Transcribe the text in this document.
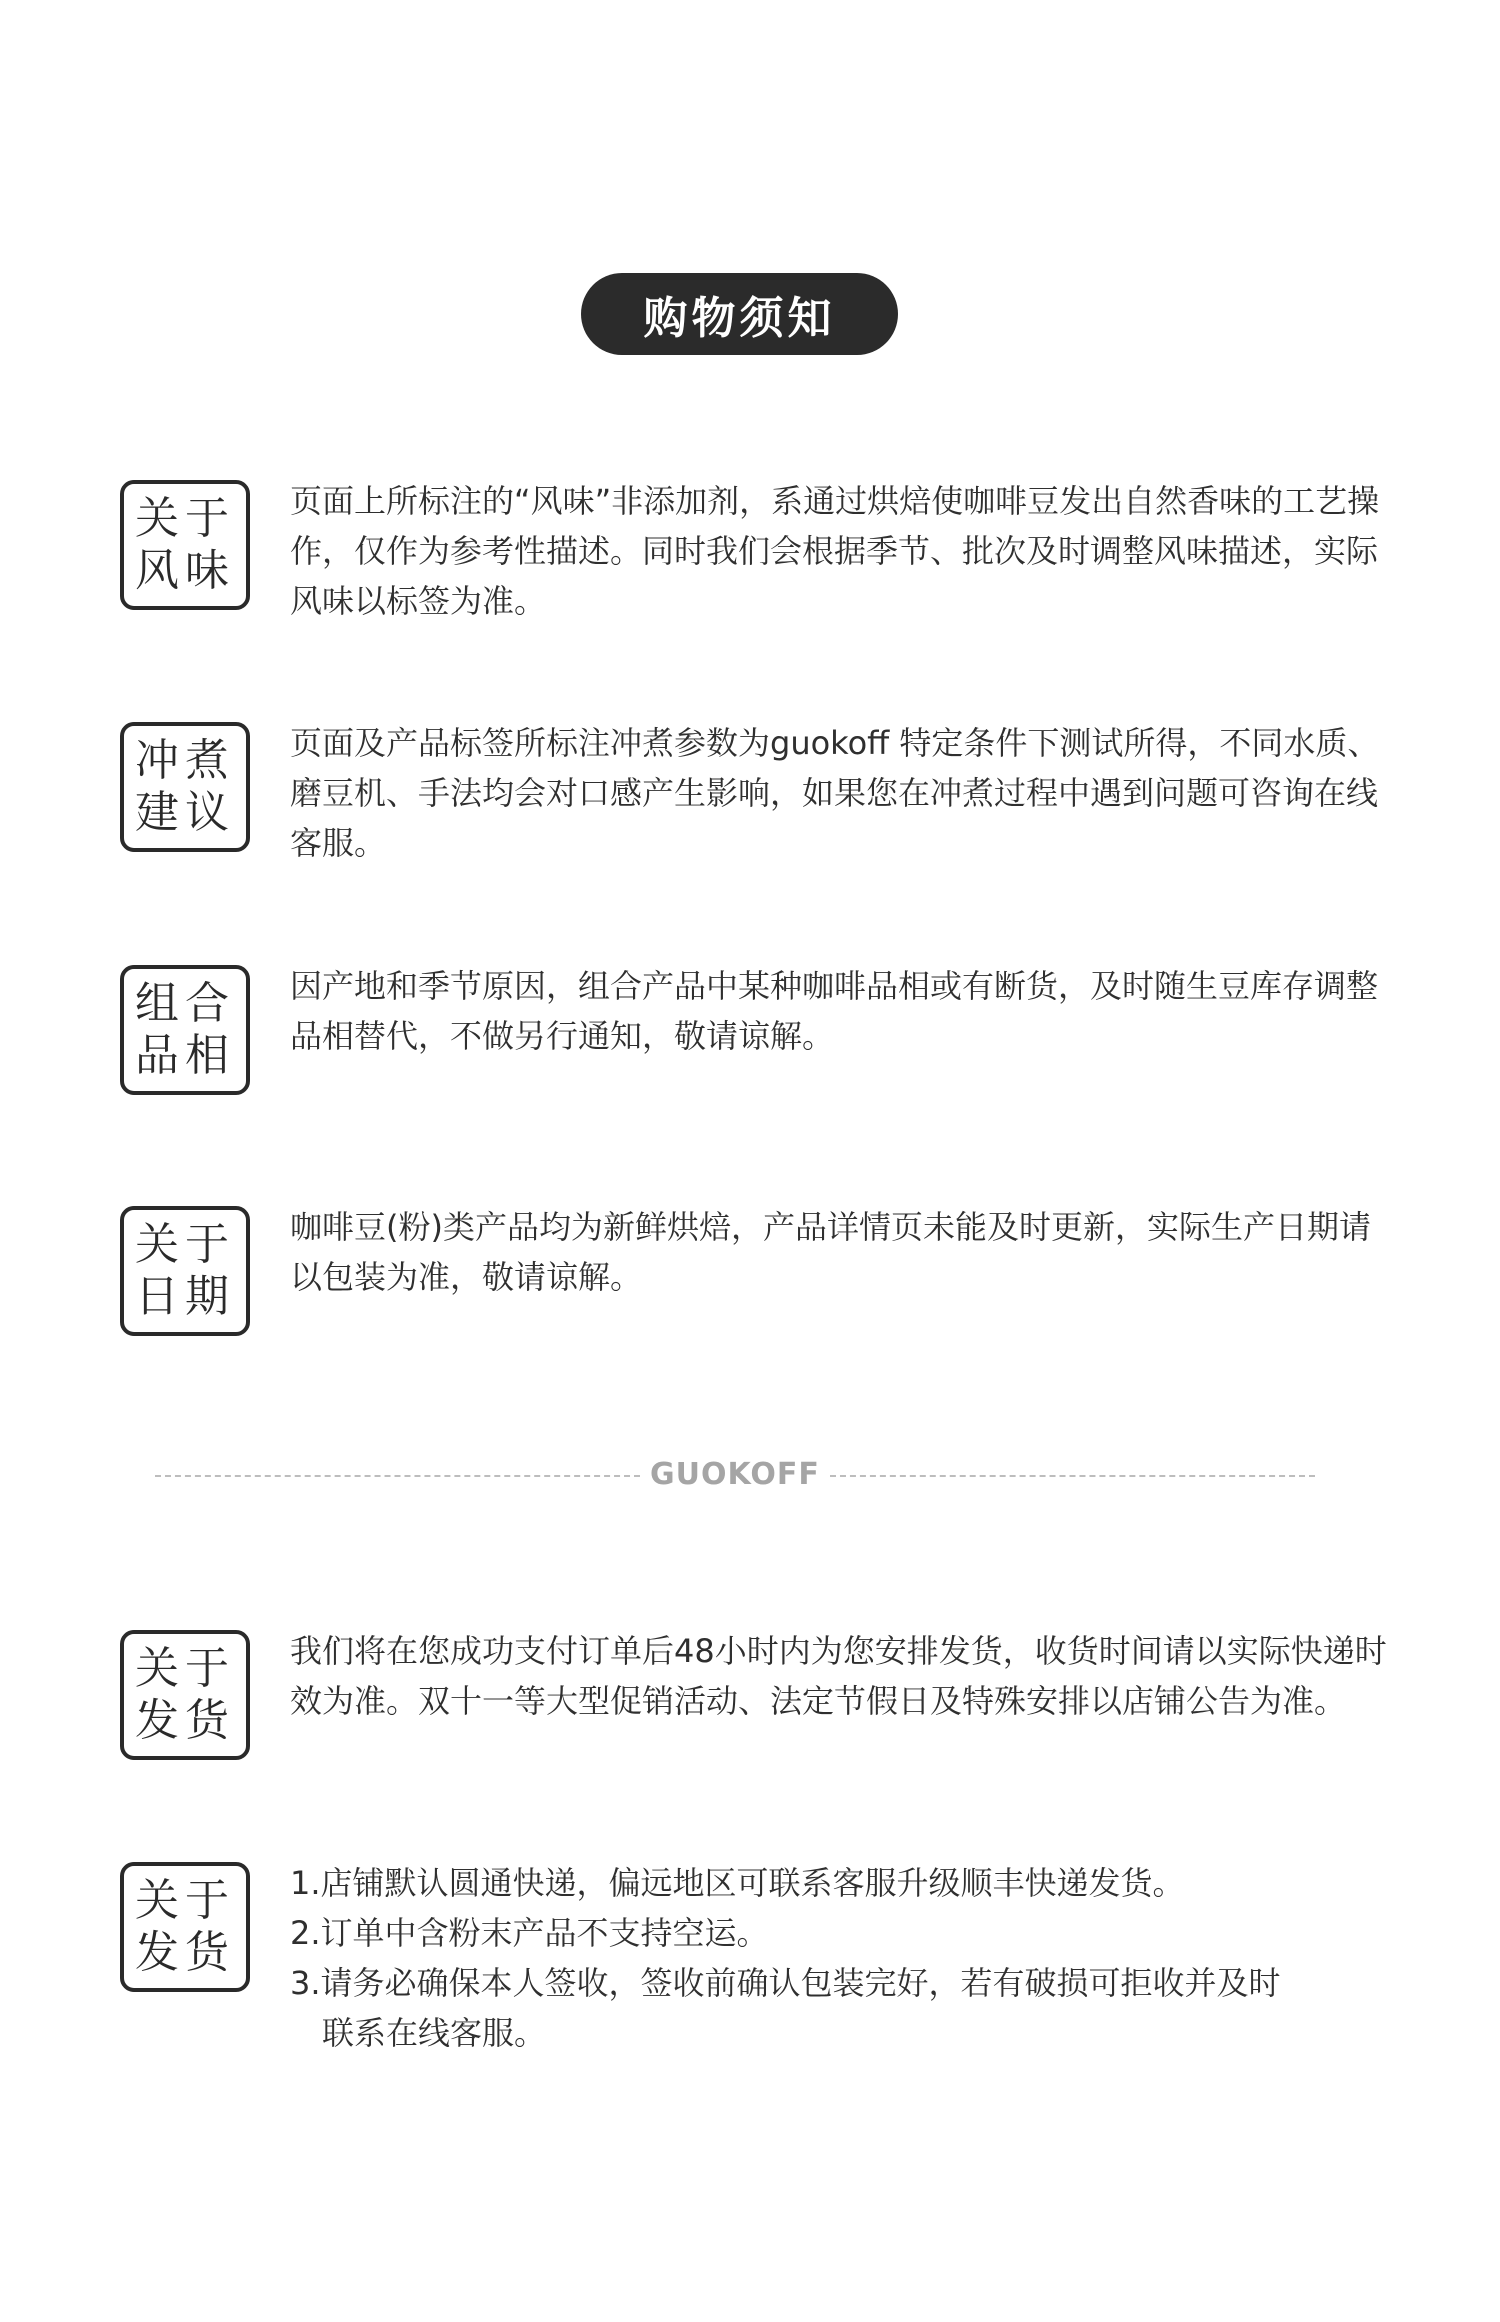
购物须知
关于
风味

页面上所标注的“风味”非添加剂，系通过烘焙使咖啡豆发出自然香味的工艺操作，仅作为参考性描述。同时我们会根据季节、批次及时调整风味描述，实际风味以标签为准。

冲煮
建议

页面及产品标签所标注冲煮参数为guokoff 特定条件下测试所得，不同水质、磨豆机、手法均会对口感产生影响，如果您在冲煮过程中遇到问题可咨询在线客服。

组合
品相

因产地和季节原因，组合产品中某种咖啡品相或有断货，及时随生豆库存调整品相替代，不做另行通知，敬请谅解。

关于
日期

咖啡豆(粉)类产品均为新鲜烘焙，产品详情页未能及时更新，实际生产日期请以包装为准，敬请谅解。

GUOKOFF
关于
发货

我们将在您成功支付订单后48小时内为您安排发货，收货时间请以实际快递时效为准。双十一等大型促销活动、法定节假日及特殊安排以店铺公告为准。

关于
发货

1.店铺默认圆通快递，偏远地区可联系客服升级顺丰快递发货。

2.订单中含粉末产品不支持空运。

3.请务必确保本人签收，签收前确认包装完好，若有破损可拒收并及时

联系在线客服。
